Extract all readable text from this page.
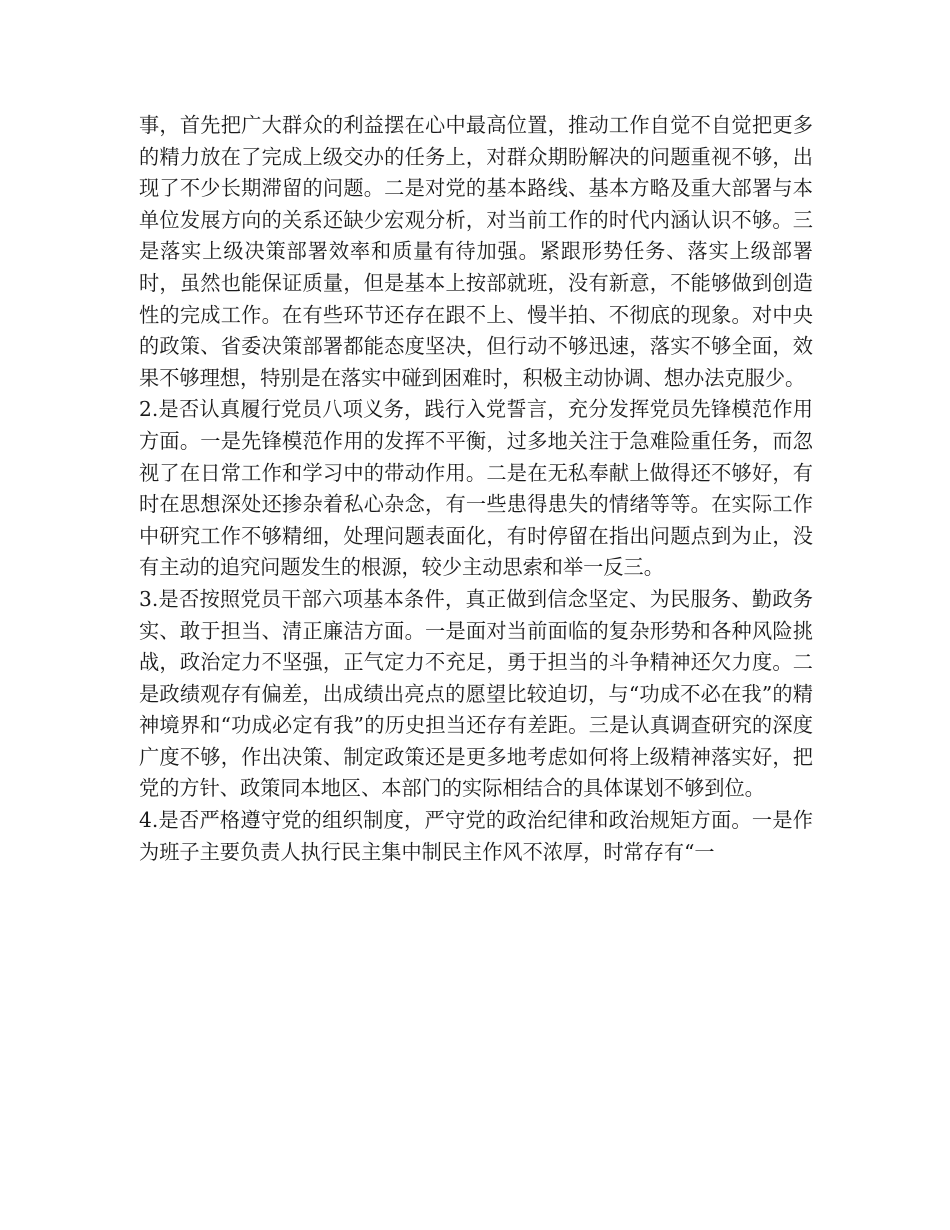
事，首先把广大群众的利益摆在心中最高位置，推动工作自觉不自觉把更多的精力放在了完成上级交办的任务上，对群众期盼解决的问题重视不够，出现了不少长期滞留的问题。二是对党的基本路线、基本方略及重大部署与本单位发展方向的关系还缺少宏观分析，对当前工作的时代内涵认识不够。三是落实上级决策部署效率和质量有待加强。紧跟形势任务、落实上级部署时，虽然也能保证质量，但是基本上按部就班，没有新意，不能够做到创造性的完成工作。在有些环节还存在跟不上、慢半拍、不彻底的现象。对中央的政策、省委决策部署都能态度坚决，但行动不够迅速，落实不够全面，效果不够理想，特别是在落实中碰到困难时，积极主动协调、想办法克服少。

2.是否认真履行党员八项义务，践行入党誓言，充分发挥党员先锋模范作用方面。一是先锋模范作用的发挥不平衡，过多地关注于急难险重任务，而忽视了在日常工作和学习中的带动作用。二是在无私奉献上做得还不够好，有时在思想深处还掺杂着私心杂念，有一些患得患失的情绪等等。在实际工作中研究工作不够精细，处理问题表面化，有时停留在指出问题点到为止，没有主动的追究问题发生的根源，较少主动思索和举一反三。

3.是否按照党员干部六项基本条件，真正做到信念坚定、为民服务、勤政务实、敢于担当、清正廉洁方面。一是面对当前面临的复杂形势和各种风险挑战，政治定力不坚强，正气定力不充足，勇于担当的斗争精神还欠力度。二是政绩观存有偏差，出成绩出亮点的愿望比较迫切，与“功成不必在我”的精神境界和“功成必定有我”的历史担当还存有差距。三是认真调查研究的深度广度不够，作出决策、制定政策还是更多地考虑如何将上级精神落实好，把党的方针、政策同本地区、本部门的实际相结合的具体谋划不够到位。

4.是否严格遵守党的组织制度，严守党的政治纪律和政治规矩方面。一是作为班子主要负责人执行民主集中制民主作风不浓厚，时常存有“一
